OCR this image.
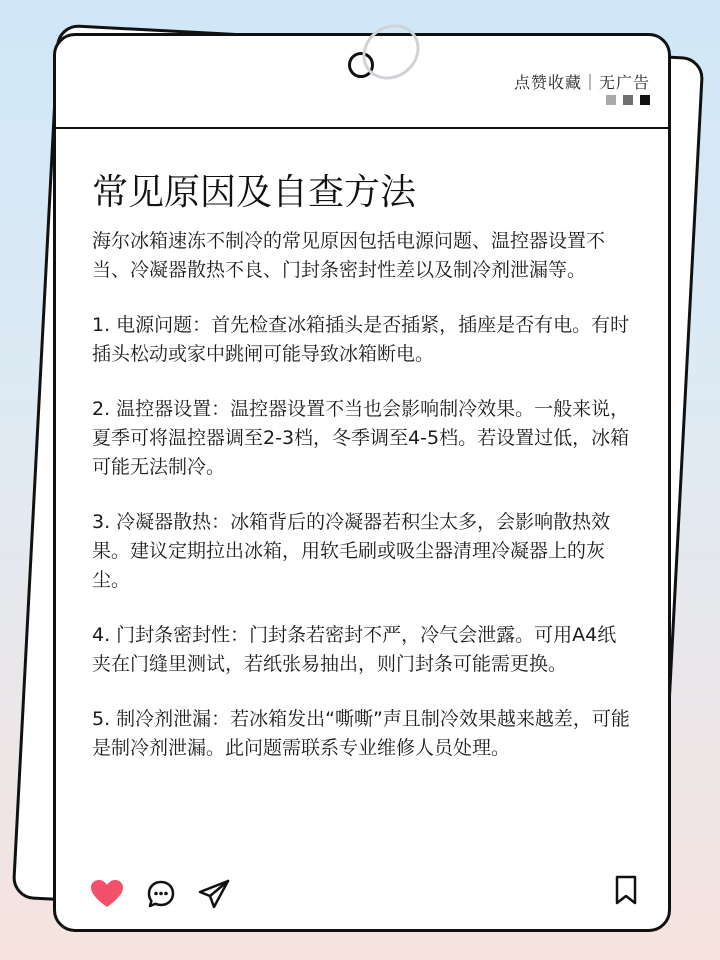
点赞收藏｜无广告
常见原因及自查方法

海尔冰箱速冻不制冷的常见原因包括电源问题、温控器设置不当、冷凝器散热不良、门封条密封性差以及制冷剂泄漏等。

1. 电源问题：首先检查冰箱插头是否插紧，插座是否有电。有时插头松动或家中跳闸可能导致冰箱断电。

2. 温控器设置：温控器设置不当也会影响制冷效果。一般来说，夏季可将温控器调至2-3档，冬季调至4-5档。若设置过低，冰箱可能无法制冷。

3. 冷凝器散热：冰箱背后的冷凝器若积尘太多，会影响散热效果。建议定期拉出冰箱，用软毛刷或吸尘器清理冷凝器上的灰尘。

4. 门封条密封性：门封条若密封不严，冷气会泄露。可用A4纸夹在门缝里测试，若纸张易抽出，则门封条可能需更换。

5. 制冷剂泄漏：若冰箱发出“嘶嘶”声且制冷效果越来越差，可能是制冷剂泄漏。此问题需联系专业维修人员处理。
